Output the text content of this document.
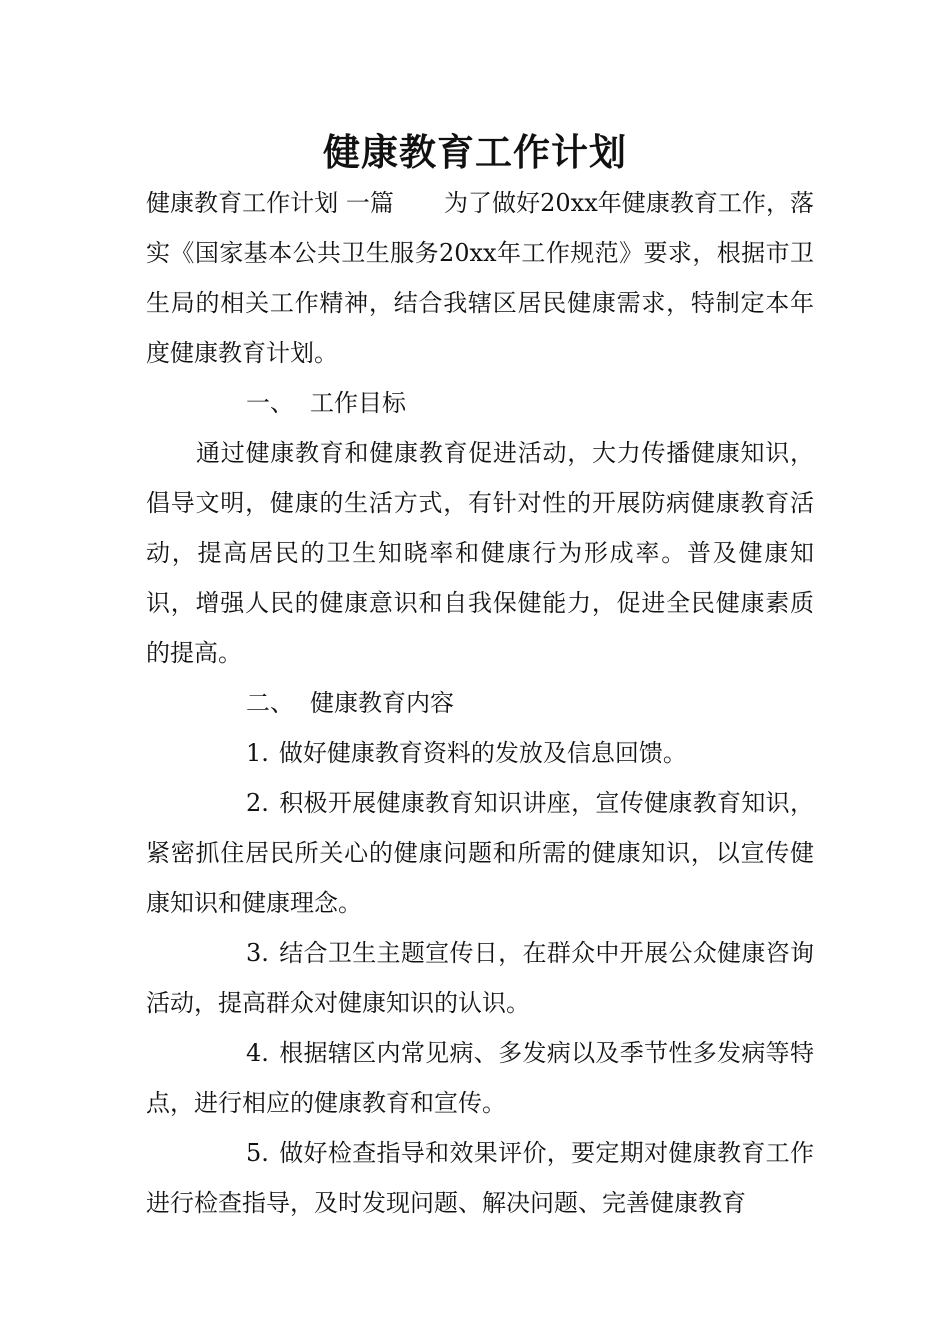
健康教育工作计划

健康教育工作计划 一篇 为了做好20xx年健康教育工作，落实《国家基本公共卫生服务20xx年工作规范》要求，根据市卫生局的相关工作精神，结合我辖区居民健康需求，特制定本年度健康教育计划。

一、 工作目标

通过健康教育和健康教育促进活动，大力传播健康知识，倡导文明，健康的生活方式，有针对性的开展防病健康教育活动，提高居民的卫生知晓率和健康行为形成率。普及健康知识，增强人民的健康意识和自我保健能力，促进全民健康素质的提高。

二、 健康教育内容

1. 做好健康教育资料的发放及信息回馈。

2. 积极开展健康教育知识讲座，宣传健康教育知识，紧密抓住居民所关心的健康问题和所需的健康知识，以宣传健康知识和健康理念。

3. 结合卫生主题宣传日，在群众中开展公众健康咨询活动，提高群众对健康知识的认识。

4. 根据辖区内常见病、多发病以及季节性多发病等特点，进行相应的健康教育和宣传。

5. 做好检查指导和效果评价，要定期对健康教育工作进行检查指导，及时发现问题、解决问题、完善健康教育
